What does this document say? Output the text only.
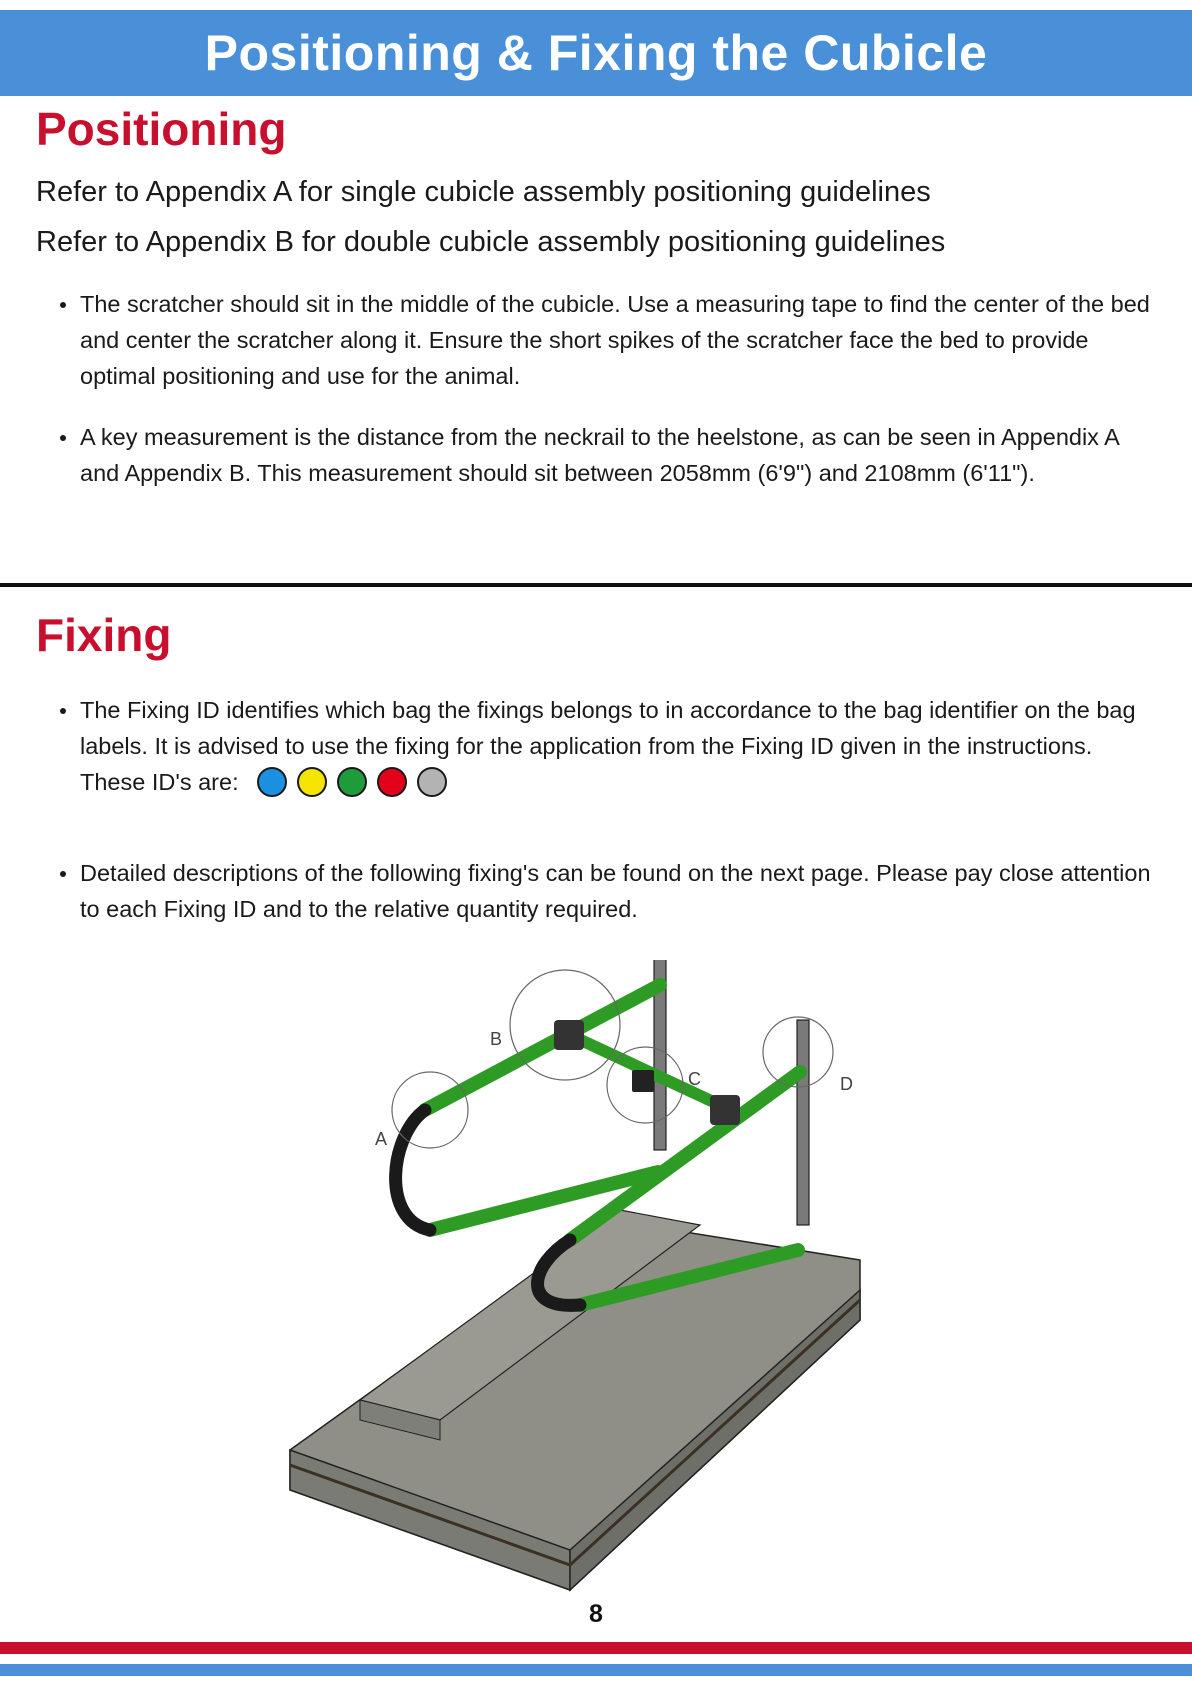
Positioning & Fixing the Cubicle
Positioning

Refer to Appendix A for single cubicle assembly positioning guidelines

Refer to Appendix B for double cubicle assembly positioning guidelines

The scratcher should sit in the middle of the cubicle. Use a measuring tape to find the center of the bed and center the scratcher along it. Ensure the short spikes of the scratcher face the bed to provide optimal positioning and use for the animal.
A key measurement is the distance from the neckrail to the heelstone, as can be seen in Appendix A and Appendix B. This measurement should sit between 2058mm (6'9") and 2108mm (6'11").
Fixing
The Fixing ID identifies which bag the fixings belongs to in accordance to the bag identifier on the bag labels. It is advised to use the fixing for the application from the Fixing ID given in the instructions. These ID's are:
Detailed descriptions of the following fixing's can be found on the next page. Please pay close attention to each Fixing ID and to the relative quantity required.
A
B
C	D
8
